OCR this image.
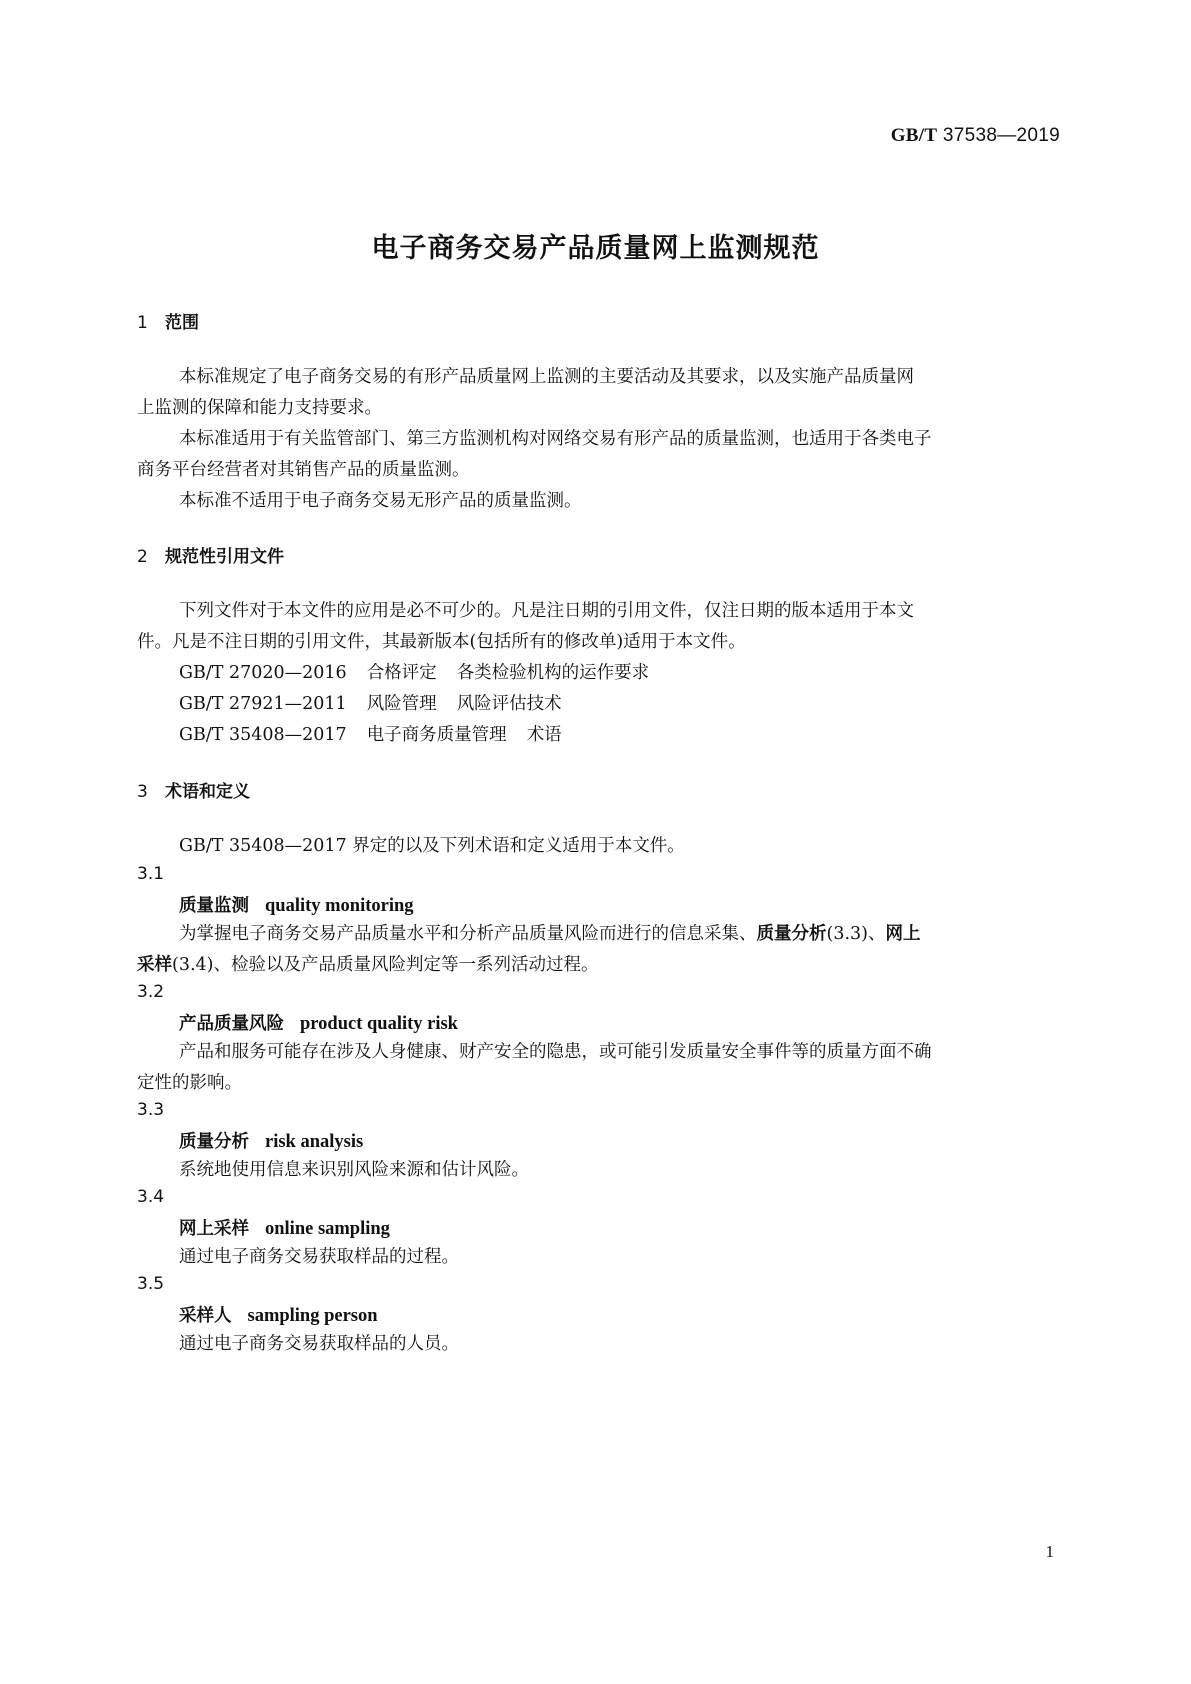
GB/T 37538—2019
电子商务交易产品质量网上监测规范
1 范围
本标准规定了电子商务交易的有形产品质量网上监测的主要活动及其要求，以及实施产品质量网
上监测的保障和能力支持要求。
本标准适用于有关监管部门、第三方监测机构对网络交易有形产品的质量监测，也适用于各类电子
商务平台经营者对其销售产品的质量监测。
本标准不适用于电子商务交易无形产品的质量监测。
2 规范性引用文件
下列文件对于本文件的应用是必不可少的。凡是注日期的引用文件，仅注日期的版本适用于本文
件。凡是不注日期的引用文件，其最新版本(包括所有的修改单)适用于本文件。
GB/T 27020—2016 合格评定 各类检验机构的运作要求
GB/T 27921—2011 风险管理 风险评估技术
GB/T 35408—2017 电子商务质量管理 术语
3 术语和定义
GB/T 35408—2017 界定的以及下列术语和定义适用于本文件。
3.1
质量监测 quality monitoring
为掌握电子商务交易产品质量水平和分析产品质量风险而进行的信息采集、质量分析(3.3)、网上
采样(3.4)、检验以及产品质量风险判定等一系列活动过程。
3.2
产品质量风险 product quality risk
产品和服务可能存在涉及人身健康、财产安全的隐患，或可能引发质量安全事件等的质量方面不确
定性的影响。
3.3
质量分析 risk analysis
系统地使用信息来识别风险来源和估计风险。
3.4
网上采样 online sampling
通过电子商务交易获取样品的过程。
3.5
采样人 sampling person
通过电子商务交易获取样品的人员。
1
